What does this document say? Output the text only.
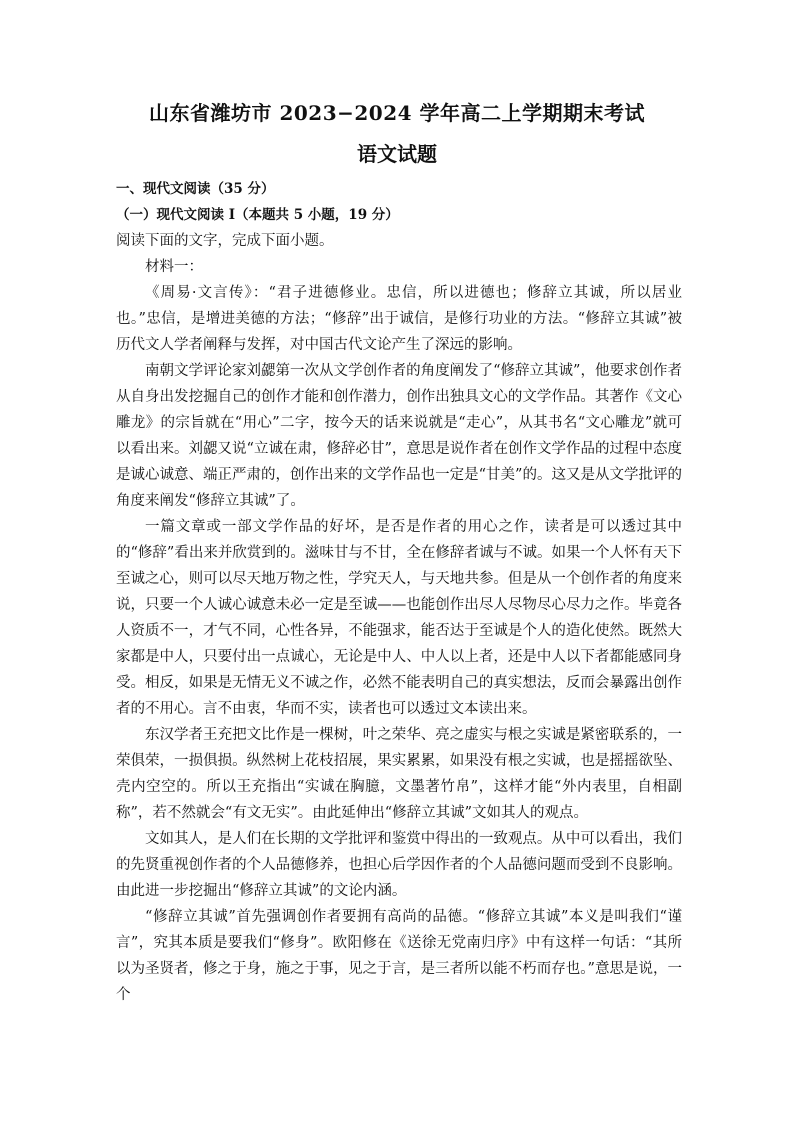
山东省潍坊市 2023−2024 学年高二上学期期末考试
语文试题

一、现代文阅读（35 分）

（一）现代文阅读 I（本题共 5 小题，19 分）

阅读下面的文字，完成下面小题。

材料一：

《周易·文言传》：“君子进德修业。忠信，所以进德也；修辞立其诚，所以居业也。”忠信，是增进美德的方法；“修辞”出于诚信，是修行功业的方法。“修辞立其诚”被历代文人学者阐释与发挥，对中国古代文论产生了深远的影响。

南朝文学评论家刘勰第一次从文学创作者的角度阐发了“修辞立其诚”，他要求创作者从自身出发挖掘自己的创作才能和创作潜力，创作出独具文心的文学作品。其著作《文心雕龙》的宗旨就在“用心”二字，按今天的话来说就是“走心”，从其书名“文心雕龙”就可以看出来。刘勰又说“立诚在肃，修辞必甘”，意思是说作者在创作文学作品的过程中态度是诚心诚意、端正严肃的，创作出来的文学作品也一定是“甘美”的。这又是从文学批评的角度来阐发“修辞立其诚”了。

一篇文章或一部文学作品的好坏，是否是作者的用心之作，读者是可以透过其中的“修辞”看出来并欣赏到的。滋味甘与不甘，全在修辞者诚与不诚。如果一个人怀有天下至诚之心，则可以尽天地万物之性，学究天人，与天地共参。但是从一个创作者的角度来说，只要一个人诚心诚意未必一定是至诚——也能创作出尽人尽物尽心尽力之作。毕竟各人资质不一，才气不同，心性各异，不能强求，能否达于至诚是个人的造化使然。既然大家都是中人，只要付出一点诚心，无论是中人、中人以上者，还是中人以下者都能感同身受。相反，如果是无情无义不诚之作，必然不能表明自己的真实想法，反而会暴露出创作者的不用心。言不由衷，华而不实，读者也可以透过文本读出来。

东汉学者王充把文比作是一棵树，叶之荣华、亮之虚实与根之实诚是紧密联系的，一荣俱荣，一损俱损。纵然树上花枝招展，果实累累，如果没有根之实诚，也是摇摇欲坠、壳内空空的。所以王充指出“实诚在胸臆，文墨著竹帛”，这样才能“外内表里，自相副称”，若不然就会“有文无实”。由此延伸出“修辞立其诚”文如其人的观点。

文如其人，是人们在长期的文学批评和鉴赏中得出的一致观点。从中可以看出，我们的先贤重视创作者的个人品德修养，也担心后学因作者的个人品德问题而受到不良影响。由此进一步挖掘出“修辞立其诚”的文论内涵。

“修辞立其诚”首先强调创作者要拥有高尚的品德。“修辞立其诚”本义是叫我们“谨言”，究其本质是要我们“修身”。欧阳修在《送徐无党南归序》中有这样一句话：“其所以为圣贤者，修之于身，施之于事，见之于言，是三者所以能不朽而存也。”意思是说，一个
